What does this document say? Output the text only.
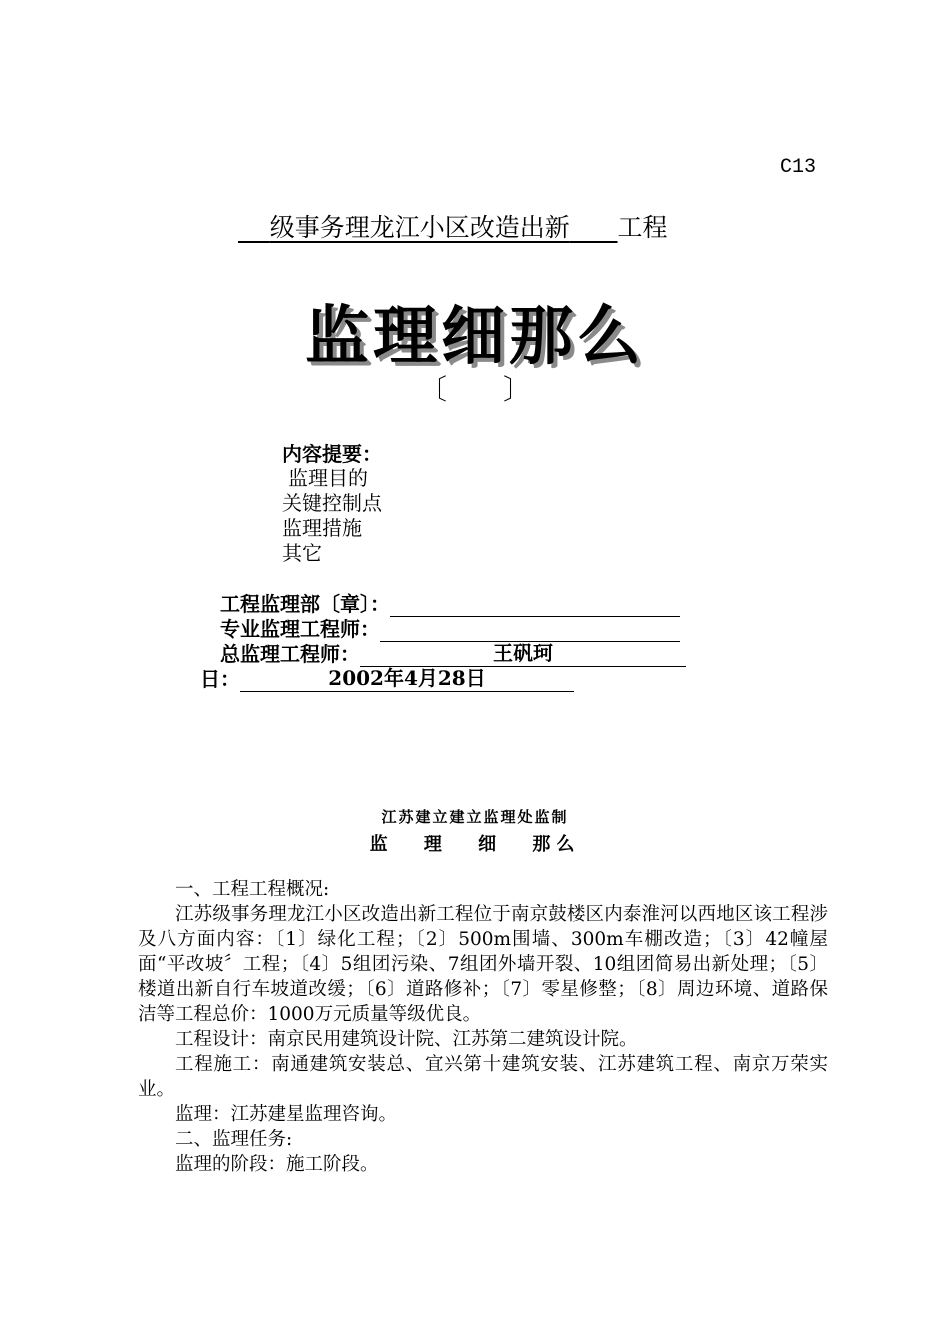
C13
级事务理龙江小区改造出新 工程
监理细那么
〔　　〕
内容提要：
监理目的
关键控制点
监理措施
其它
工程监理部〔章〕：
专业监理工程师：
总监理工程师：	王矾珂
日：	2002年4月28日
江苏建立建立监理处监制
监 理 细 那么

一、工程工程概况:

江苏级事务理龙江小区改造出新工程位于南京鼓楼区内泰淮河以西地区该工程涉及八方面内容：〔1〕绿化工程；〔2〕500m围墙、300m车棚改造；〔3〕42幢屋面“平改坡〞工程；〔4〕5组团污染、7组团外墙开裂、10组团简易出新处理；〔5〕楼道出新自行车坡道改缓；〔6〕道路修补；〔7〕零星修整；〔8〕周边环境、道路保洁等工程总价：1000万元质量等级优良。

工程设计：南京民用建筑设计院、江苏第二建筑设计院。

工程施工：南通建筑安装总、宜兴第十建筑安装、江苏建筑工程、南京万荣实业。

监理：江苏建星监理咨询。

二、监理任务:

监理的阶段：施工阶段。
